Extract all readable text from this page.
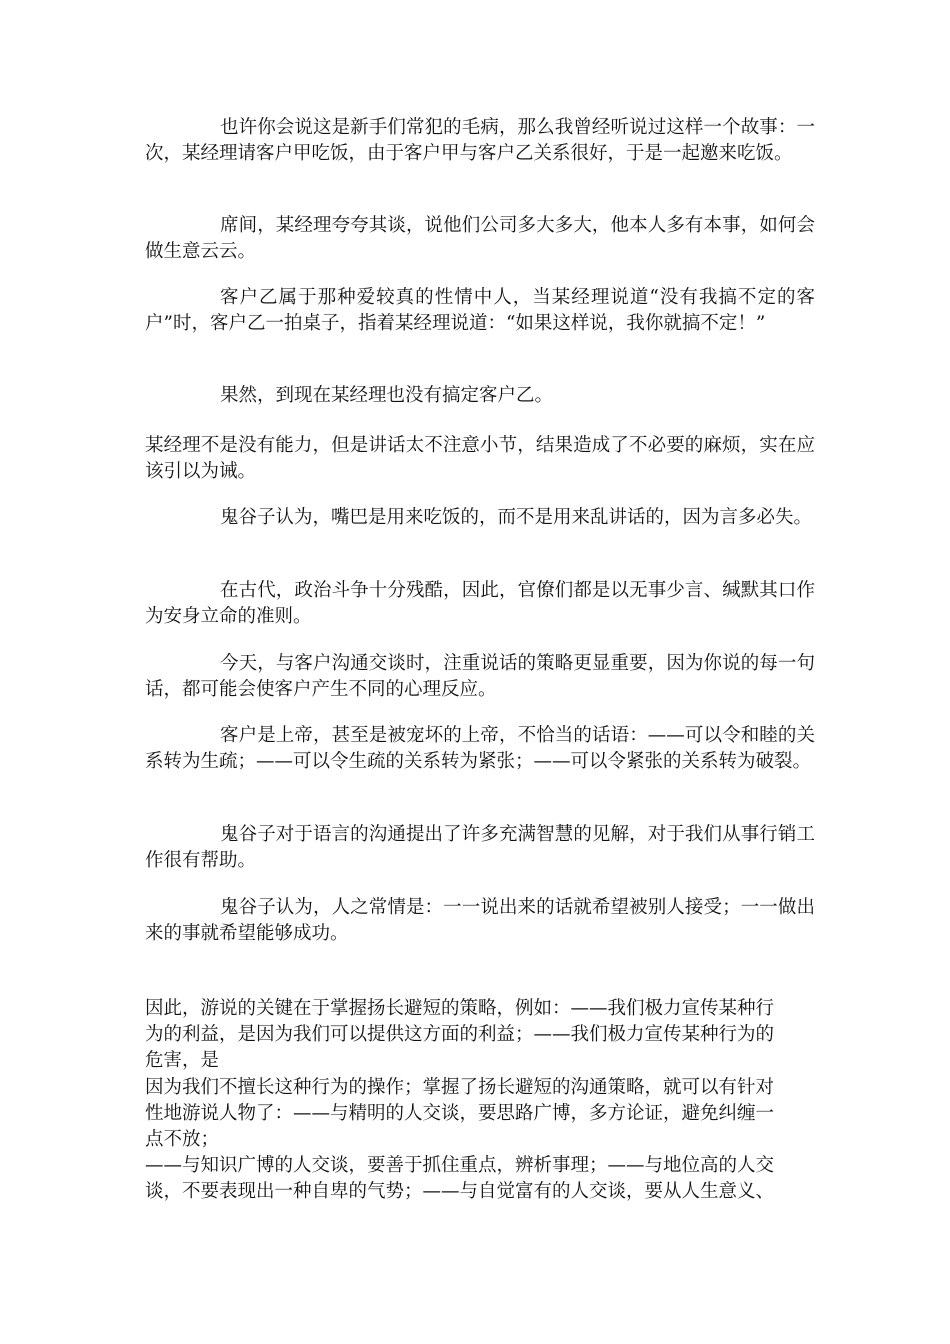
也许你会说这是新手们常犯的毛病，那么我曾经听说过这样一个故事：一次，某经理请客户甲吃饭，由于客户甲与客户乙关系很好，于是一起邀来吃饭。
席间，某经理夸夸其谈，说他们公司多大多大，他本人多有本事，如何会做生意云云。
客户乙属于那种爱较真的性情中人，当某经理说道“没有我搞不定的客户”时，客户乙一拍桌子，指着某经理说道：“如果这样说，我你就搞不定！”
果然，到现在某经理也没有搞定客户乙。
某经理不是没有能力，但是讲话太不注意小节，结果造成了不必要的麻烦，实在应该引以为诫。
鬼谷子认为，嘴巴是用来吃饭的，而不是用来乱讲话的，因为言多必失。
在古代，政治斗争十分残酷，因此，官僚们都是以无事少言、缄默其口作为安身立命的准则。
今天，与客户沟通交谈时，注重说话的策略更显重要，因为你说的每一句话，都可能会使客户产生不同的心理反应。
客户是上帝，甚至是被宠坏的上帝，不恰当的话语：——可以令和睦的关系转为生疏；——可以令生疏的关系转为紧张；——可以令紧张的关系转为破裂。
鬼谷子对于语言的沟通提出了许多充满智慧的见解，对于我们从事行销工作很有帮助。
鬼谷子认为，人之常情是：一一说出来的话就希望被别人接受；一一做出来的事就希望能够成功。
因此，游说的关键在于掌握扬长避短的策略，例如：——我们极力宣传某种行
为的利益，是因为我们可以提供这方面的利益；——我们极力宣传某种行为的
危害，是
因为我们不擅长这种行为的操作；掌握了扬长避短的沟通策略，就可以有针对
性地游说人物了：——与精明的人交谈，要思路广博，多方论证，避免纠缠一
点不放；
——与知识广博的人交谈，要善于抓住重点，辨析事理；——与地位高的人交
谈，不要表现出一种自卑的气势；——与自觉富有的人交谈，要从人生意义、
